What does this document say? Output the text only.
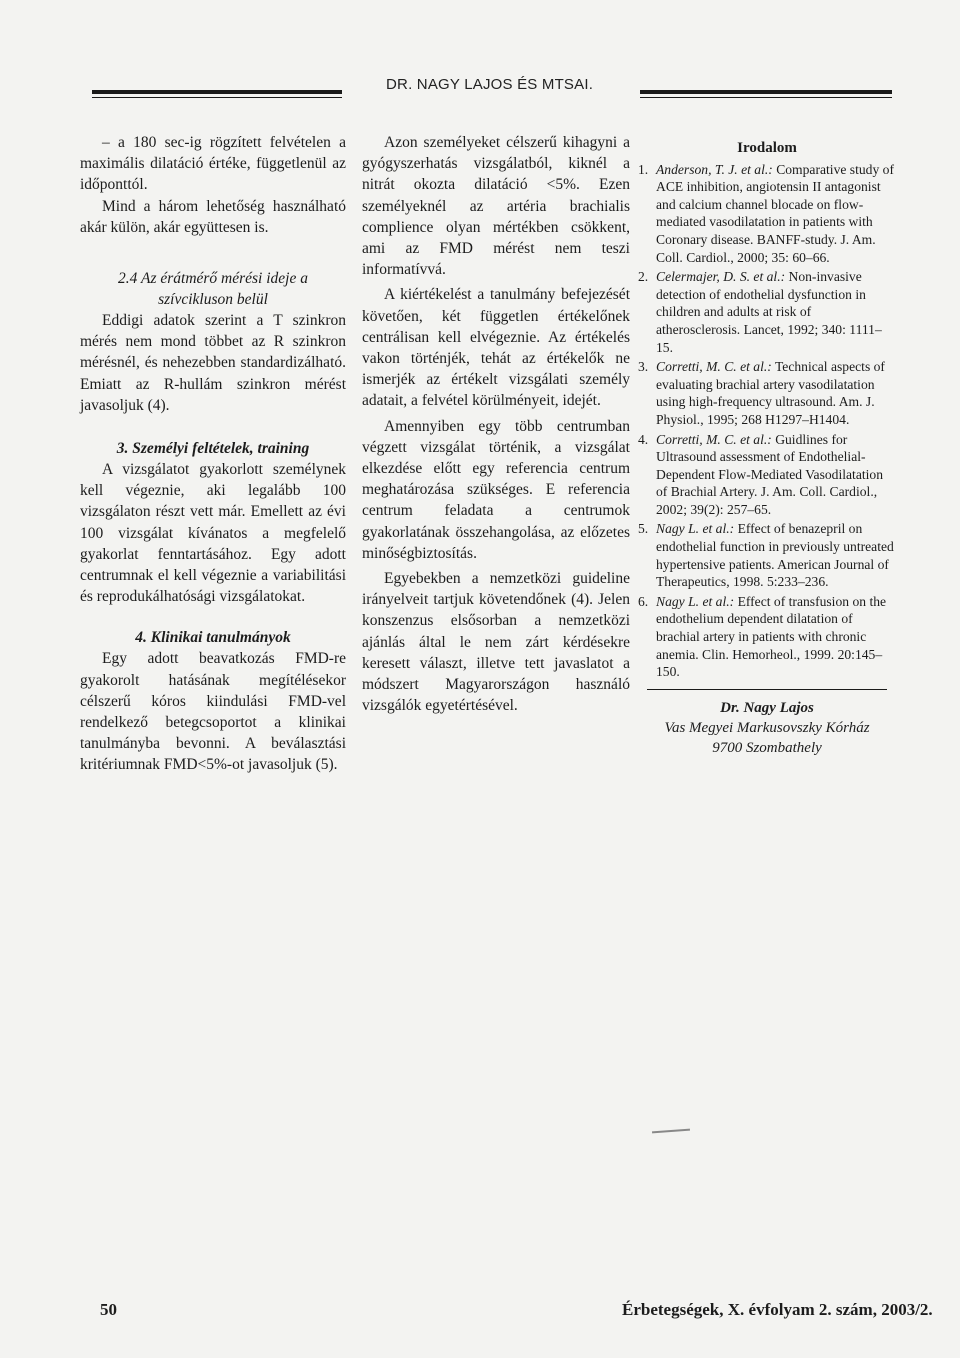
DR. NAGY LAJOS ÉS MTSAI.

– a 180 sec-ig rögzített felvételen a maximális dilatáció értéke, függetlenül az időponttól.

Mind a három lehetőség használható akár külön, akár együttesen is.

2.4 Az érátmérő mérési ideje a szívcikluson belül

Eddigi adatok szerint a T szinkron mérés nem mond többet az R szinkron mérésnél, és nehezebben standardizálható. Emiatt az R-hullám szinkron mérést javasoljuk (4).

3. Személyi feltételek, training

A vizsgálatot gyakorlott személynek kell végeznie, aki legalább 100 vizsgálaton részt vett már. Emellett az évi 100 vizsgálat kívánatos a megfelelő gyakorlat fenntartásához. Egy adott centrumnak el kell végeznie a variabilitási és reprodukálhatósági vizsgálatokat.

4. Klinikai tanulmányok

Egy adott beavatkozás FMD-re gyakorolt hatásának megítélésekor célszerű kóros kiindulási FMD-vel rendelkező betegcsoportot a klinikai tanulmányba bevonni. A beválasztási kritériumnak FMD<5%-ot javasoljuk (5).

Azon személyeket célszerű kihagyni a gyógyszerhatás vizsgálatból, kiknél a nitrát okozta dilatáció <5%. Ezen személyeknél az artéria brachialis complience olyan mértékben csökkent, ami az FMD mérést nem teszi informatívvá.

A kiértékelést a tanulmány befejezését követően, két független értékelőnek centrálisan kell elvégeznie. Az értékelés vakon történjék, tehát az értékelők ne ismerjék az értékelt vizsgálati személy adatait, a felvétel körülményeit, idejét.

Amennyiben egy több centrumban végzett vizsgálat történik, a vizsgálat elkezdése előtt egy referencia centrum meghatározása szükséges. E referencia centrum feladata a centrumok gyakorlatának összehangolása, az előzetes minőségbiztosítás.

Egyebekben a nemzetközi guideline irányelveit tartjuk követendőnek (4). Jelen konszenzus elsősorban a nemzetközi ajánlás által le nem zárt kérdésekre keresett választ, illetve tett javaslatot a módszert Magyarországon használó vizsgálók egyetértésével.

Irodalom
1. Anderson, T. J. et al.: Comparative study of ACE inhibition, angiotensin II antagonist and calcium channel blocade on flow-mediated vasodilatation in patients with Coronary disease. BANFF-study. J. Am. Coll. Cardiol., 2000; 35: 60–66.
2. Celermajer, D. S. et al.: Non-invasive detection of endothelial dysfunction in children and adults at risk of atherosclerosis. Lancet, 1992; 340: 1111–15.
3. Corretti, M. C. et al.: Technical aspects of evaluating brachial artery vasodilatation using high-frequency ultrasound. Am. J. Physiol., 1995; 268 H1297–H1404.
4. Corretti, M. C. et al.: Guidlines for Ultrasound assessment of Endothelial-Dependent Flow-Mediated Vasodilatation of Brachial Artery. J. Am. Coll. Cardiol., 2002; 39(2): 257–65.
5. Nagy L. et al.: Effect of benazepril on endothelial function in previously untreated hypertensive patients. American Journal of Therapeutics, 1998. 5:233–236.
6. Nagy L. et al.: Effect of transfusion on the endothelium dependent dilatation of brachial artery in patients with chronic anemia. Clin. Hemorheol., 1999. 20:145–150.
Dr. Nagy Lajos
Vas Megyei Markusovszky Kórház
9700 Szombathely
50	Érbetegségek, X. évfolyam 2. szám, 2003/2.
